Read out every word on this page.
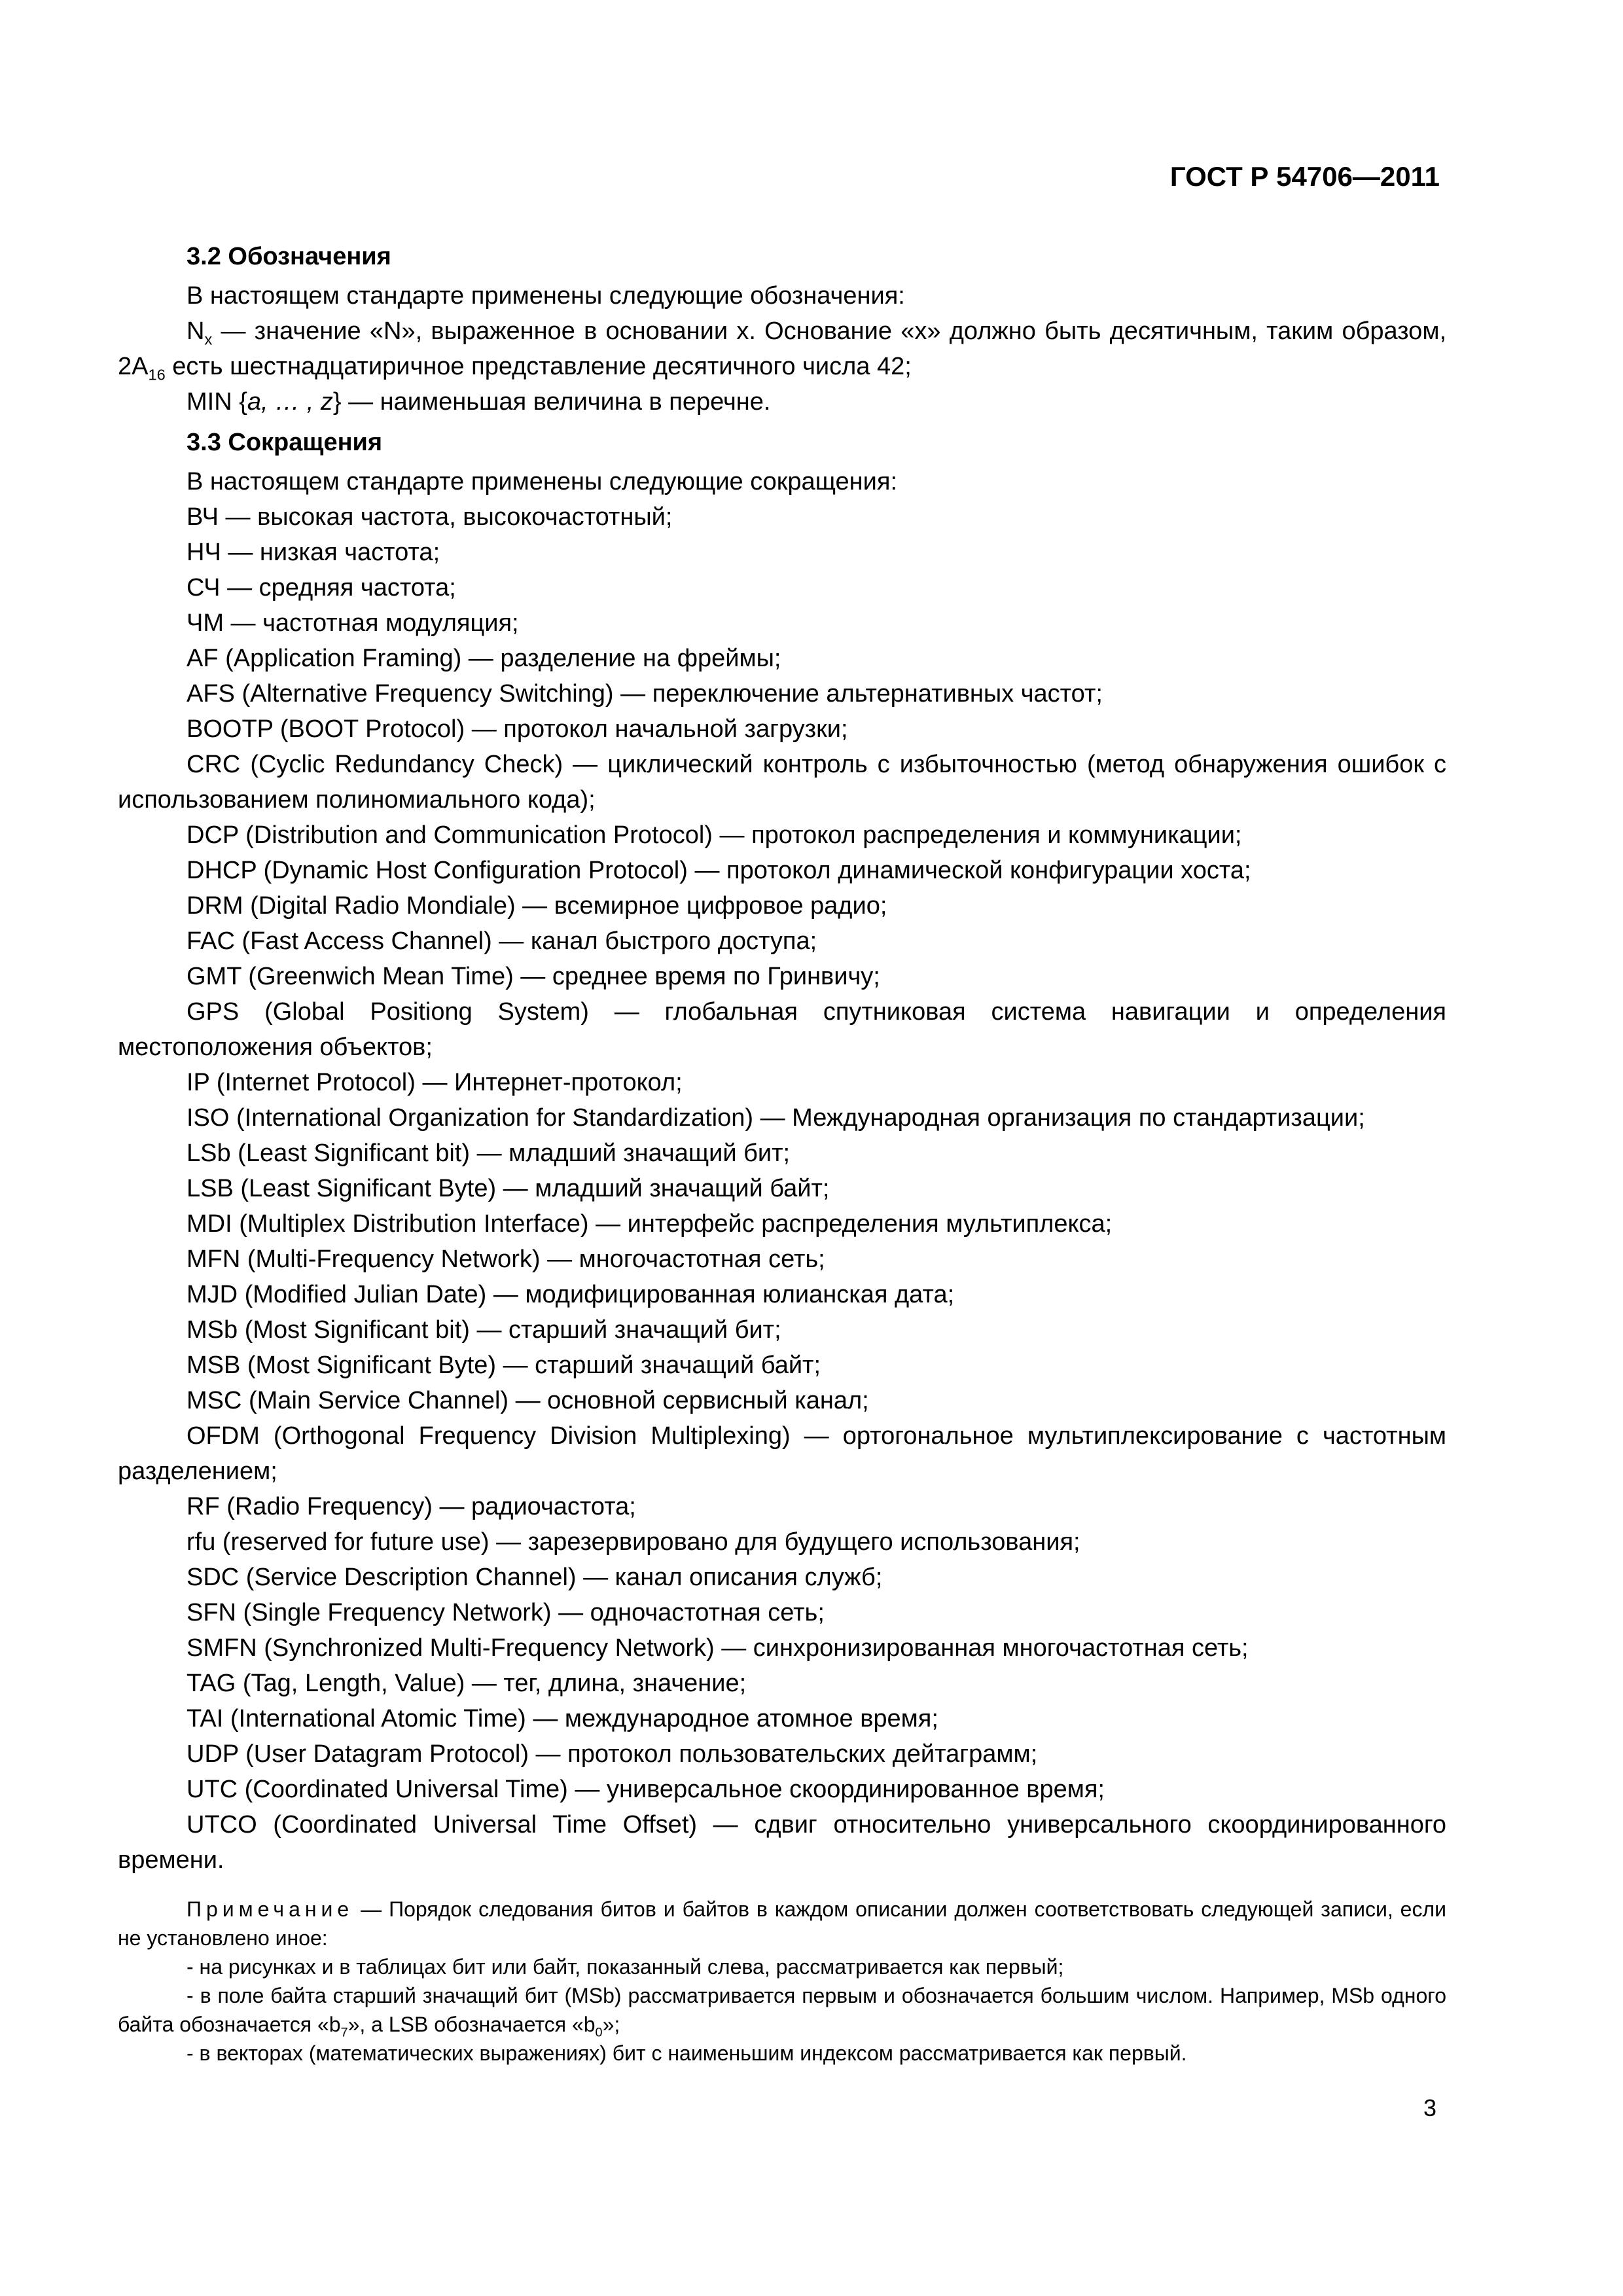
ГОСТ Р 54706—2011
3.2 Обозначения

В настоящем стандарте применены следующие обозначения:

$N_x$ — значение «N», выраженное в основании x. Основание «x» должно быть десятичным, таким образом, $2A_{16}$ есть шестнадцатиричное представление десятичного числа 42;

MIN {a, … , z} — наименьшая величина в перечне.

3.3 Сокращения

В настоящем стандарте применены следующие сокращения:

ВЧ — высокая частота, высокочастотный;

НЧ — низкая частота;

СЧ — средняя частота;

ЧМ — частотная модуляция;

AF (Application Framing) — разделение на фреймы;

AFS (Alternative Frequency Switching) — переключение альтернативных частот;

BOOTP (BOOT Protocol) — протокол начальной загрузки;

CRC (Cyclic Redundancy Check) — циклический контроль с избыточностью (метод обнаружения ошибок с использованием полиномиального кода);

DCP (Distribution and Communication Protocol) — протокол распределения и коммуникации;

DHCP (Dynamic Host Configuration Protocol) — протокол динамической конфигурации хоста;

DRM (Digital Radio Mondiale) — всемирное цифровое радио;

FAC (Fast Access Channel) — канал быстрого доступа;

GMT (Greenwich Mean Time) — среднее время по Гринвичу;

GPS (Global Positiong System) — глобальная спутниковая система навигации и определения местоположения объектов;

IP (Internet Protocol) — Интернет-протокол;

ISO (International Organization for Standardization) — Международная организация по стандартизации;

LSb (Least Significant bit) — младший значащий бит;

LSB (Least Significant Byte) — младший значащий байт;

MDI (Multiplex Distribution Interface) — интерфейс распределения мультиплекса;

MFN (Multi-Frequency Network) — многочастотная сеть;

MJD (Modified Julian Date) — модифицированная юлианская дата;

MSb (Most Significant bit) — старший значащий бит;

MSB (Most Significant Byte) — старший значащий байт;

MSC (Main Service Channel) — основной сервисный канал;

OFDM (Orthogonal Frequency Division Multiplexing) — ортогональное мультиплексирование с частотным разделением;

RF (Radio Frequency) — радиочастота;

rfu (reserved for future use) — зарезервировано для будущего использования;

SDC (Service Description Channel) — канал описания служб;

SFN (Single Frequency Network) — одночастотная сеть;

SMFN (Synchronized Multi-Frequency Network) — синхронизированная многочастотная сеть;

TAG (Tag, Length, Value) — тег, длина, значение;

TAI (International Atomic Time) — международное атомное время;

UDP (User Datagram Protocol) — протокол пользовательских дейтаграмм;

UTC (Coordinated Universal Time) — универсальное скоординированное время;

UTCO (Coordinated Universal Time Offset) — сдвиг относительно универсального скоординированного времени.

Примечание — Порядок следования битов и байтов в каждом описании должен соответствовать следующей записи, если не установлено иное:

- на рисунках и в таблицах бит или байт, показанный слева, рассматривается как первый;

- в поле байта старший значащий бит (MSb) рассматривается первым и обозначается большим числом. Например, MSb одного байта обозначается «$b_7$», а LSB обозначается «$b_0$»;

- в векторах (математических выражениях) бит с наименьшим индексом рассматривается как первый.

3
